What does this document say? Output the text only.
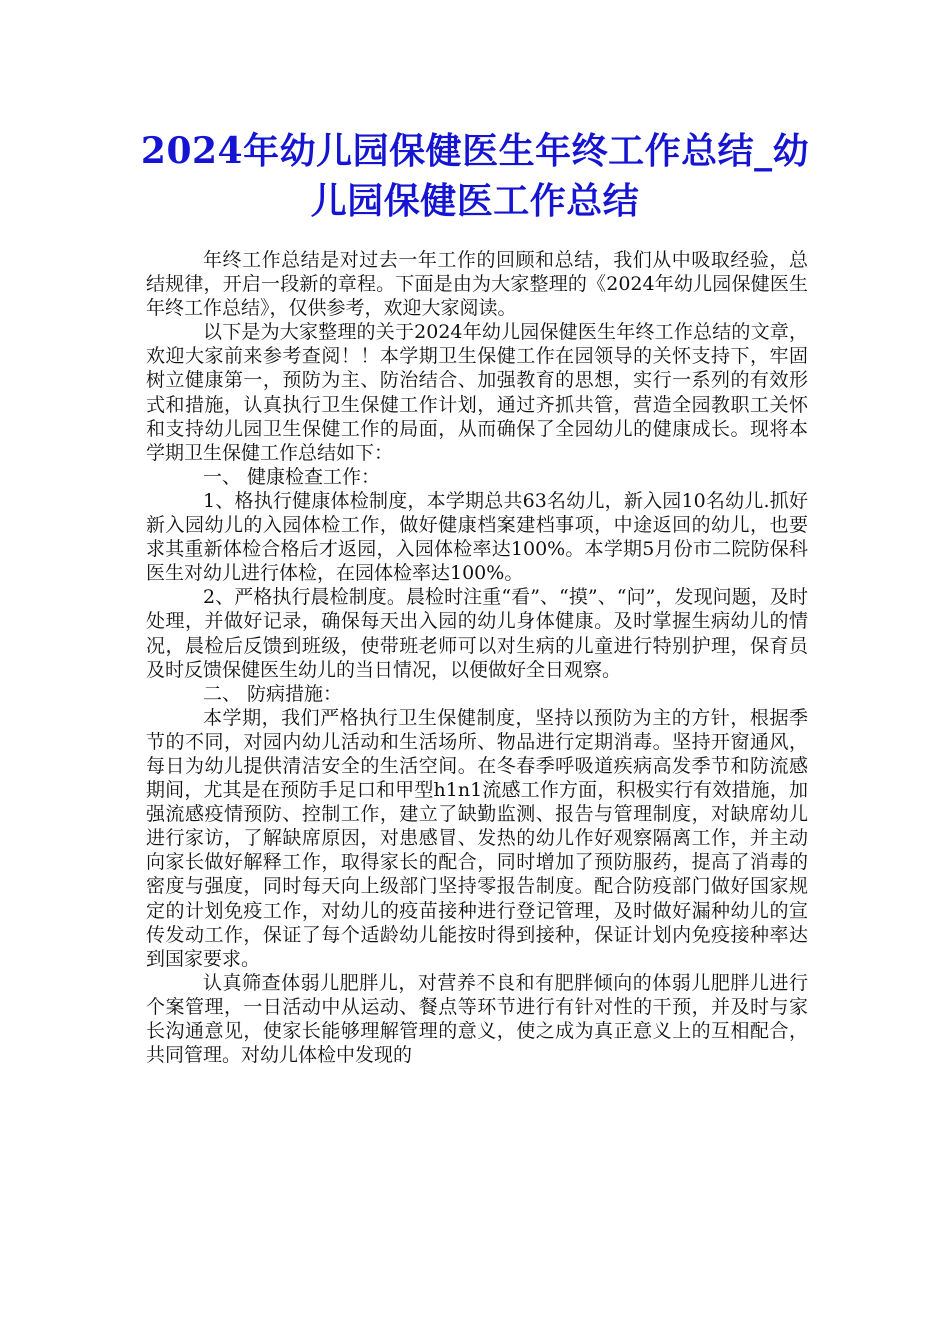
2024年幼儿园保健医生年终工作总结_幼儿园保健医工作总结

年终工作总结是对过去一年工作的回顾和总结，我们从中吸取经验，总结规律，开启一段新的章程。下面是由为大家整理的《2024年幼儿园保健医生年终工作总结》，仅供参考，欢迎大家阅读。

以下是为大家整理的关于2024年幼儿园保健医生年终工作总结的文章，欢迎大家前来参考查阅！！本学期卫生保健工作在园领导的关怀支持下，牢固树立健康第一，预防为主、防治结合、加强教育的思想，实行一系列的有效形式和措施，认真执行卫生保健工作计划，通过齐抓共管，营造全园教职工关怀和支持幼儿园卫生保健工作的局面，从而确保了全园幼儿的健康成长。现将本学期卫生保健工作总结如下：

一、 健康检查工作：

1、格执行健康体检制度，本学期总共63名幼儿，新入园10名幼儿.抓好新入园幼儿的入园体检工作，做好健康档案建档事项，中途返回的幼儿，也要求其重新体检合格后才返园，入园体检率达100%。本学期5月份市二院防保科医生对幼儿进行体检，在园体检率达100%。

2、严格执行晨检制度。晨检时注重“看”、“摸”、“问”，发现问题，及时处理，并做好记录，确保每天出入园的幼儿身体健康。及时掌握生病幼儿的情况，晨检后反馈到班级，使带班老师可以对生病的儿童进行特别护理，保育员及时反馈保健医生幼儿的当日情况，以便做好全日观察。

二、 防病措施：

本学期，我们严格执行卫生保健制度，坚持以预防为主的方针，根据季节的不同，对园内幼儿活动和生活场所、物品进行定期消毒。坚持开窗通风，每日为幼儿提供清洁安全的生活空间。在冬春季呼吸道疾病高发季节和防流感期间，尤其是在预防手足口和甲型h1n1流感工作方面，积极实行有效措施，加强流感疫情预防、控制工作，建立了缺勤监测、报告与管理制度，对缺席幼儿进行家访，了解缺席原因，对患感冒、发热的幼儿作好观察隔离工作，并主动向家长做好解释工作，取得家长的配合，同时增加了预防服药，提高了消毒的密度与强度，同时每天向上级部门坚持零报告制度。配合防疫部门做好国家规定的计划免疫工作，对幼儿的疫苗接种进行登记管理，及时做好漏种幼儿的宣传发动工作，保证了每个适龄幼儿能按时得到接种，保证计划内免疫接种率达到国家要求。

认真筛查体弱儿肥胖儿，对营养不良和有肥胖倾向的体弱儿肥胖儿进行个案管理，一日活动中从运动、餐点等环节进行有针对性的干预，并及时与家长沟通意见，使家长能够理解管理的意义，使之成为真正意义上的互相配合，共同管理。对幼儿体检中发现的
